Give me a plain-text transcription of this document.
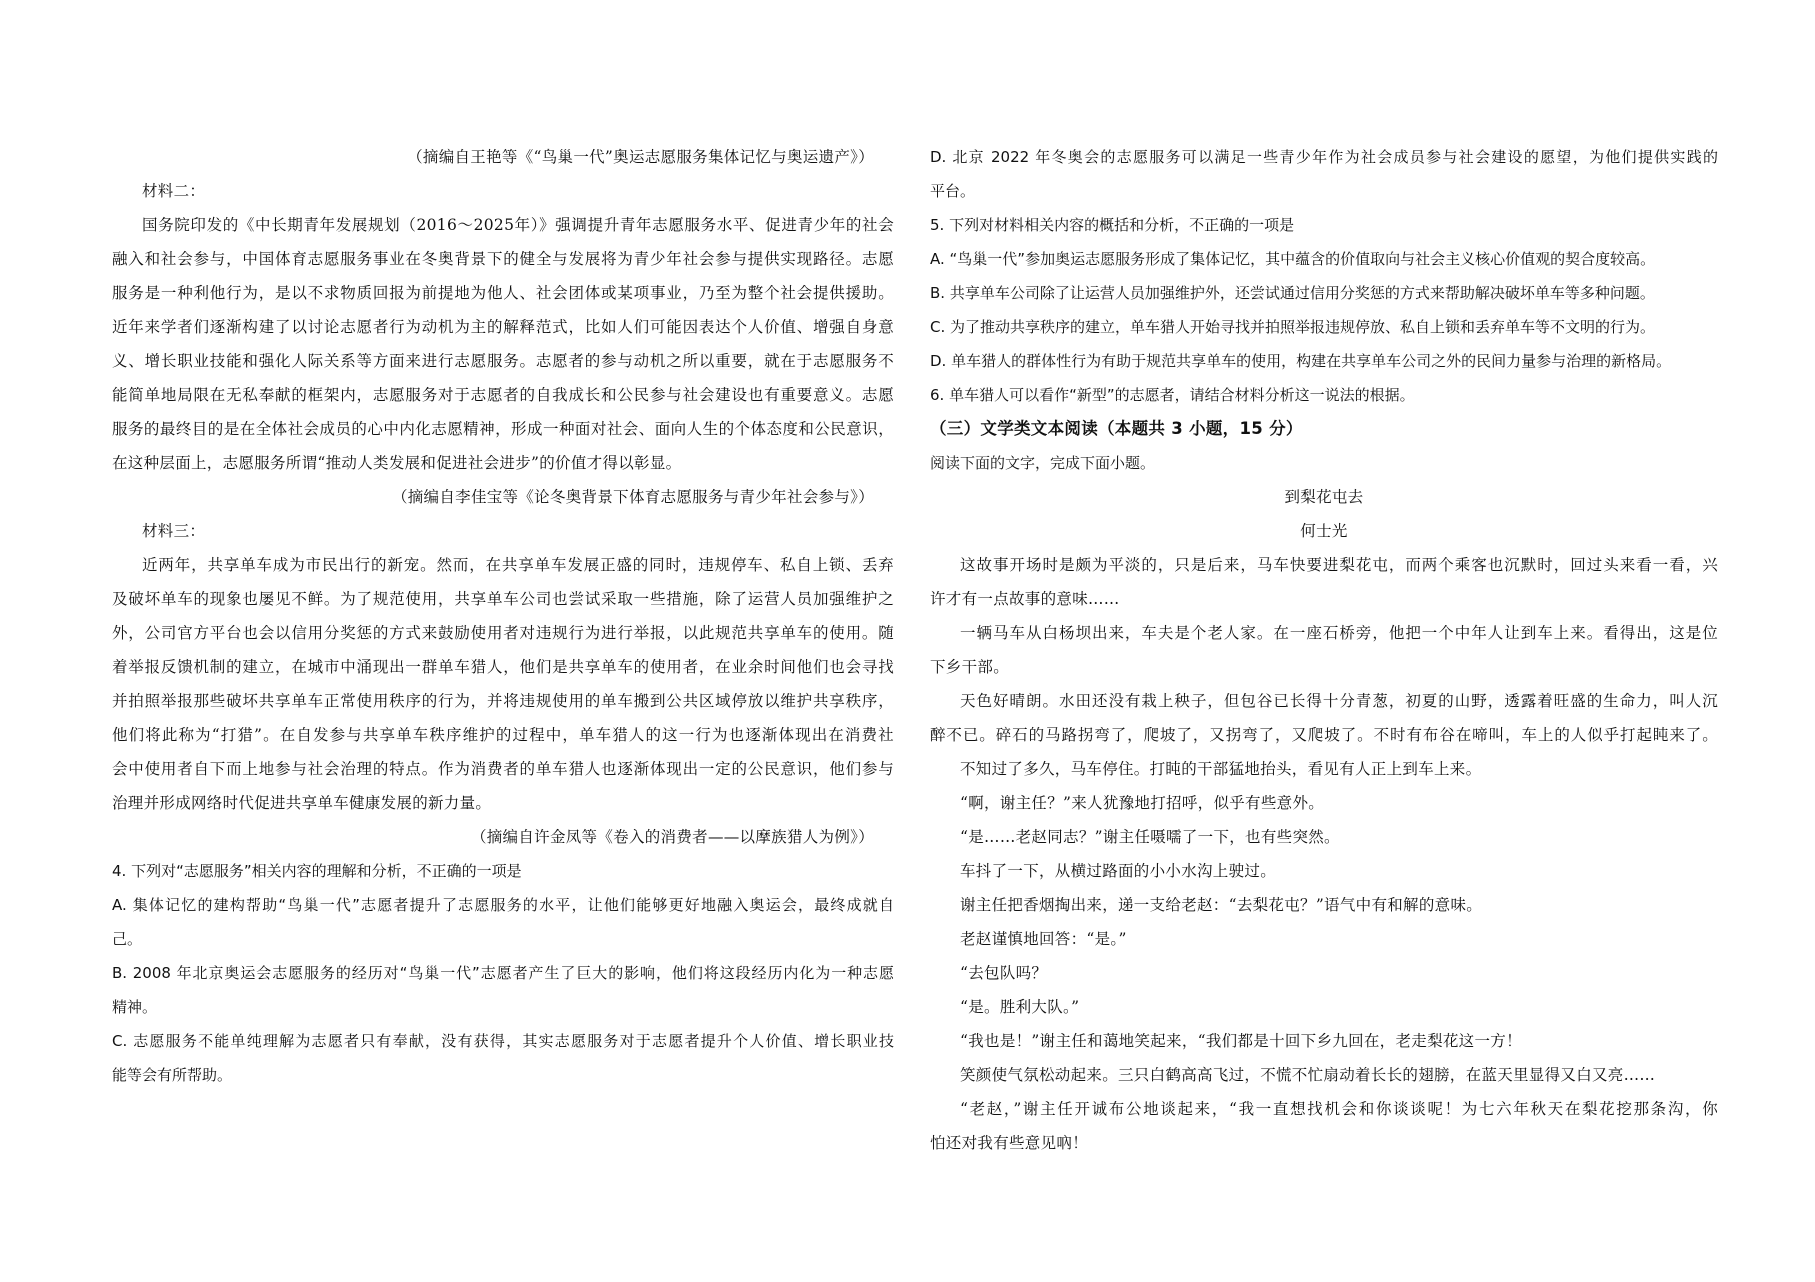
（摘编自王艳等《“鸟巢一代”奥运志愿服务集体记忆与奥运遗产》）
材料二：
国务院印发的《中长期青年发展规划（2016～2025年）》强调提升青年志愿服务水平、促进青少年的社会
融入和社会参与，中国体育志愿服务事业在冬奥背景下的健全与发展将为青少年社会参与提供实现路径。志愿
服务是一种利他行为，是以不求物质回报为前提地为他人、社会团体或某项事业，乃至为整个社会提供援助。
近年来学者们逐渐构建了以讨论志愿者行为动机为主的解释范式，比如人们可能因表达个人价值、增强自身意
义、增长职业技能和强化人际关系等方面来进行志愿服务。志愿者的参与动机之所以重要，就在于志愿服务不
能简单地局限在无私奉献的框架内，志愿服务对于志愿者的自我成长和公民参与社会建设也有重要意义。志愿
服务的最终目的是在全体社会成员的心中内化志愿精神，形成一种面对社会、面向人生的个体态度和公民意识，
在这种层面上，志愿服务所谓“推动人类发展和促进社会进步”的价值才得以彰显。
（摘编自李佳宝等《论冬奥背景下体育志愿服务与青少年社会参与》）
材料三：
近两年，共享单车成为市民出行的新宠。然而，在共享单车发展正盛的同时，违规停车、私自上锁、丢弃
及破坏单车的现象也屡见不鲜。为了规范使用，共享单车公司也尝试采取一些措施，除了运营人员加强维护之
外，公司官方平台也会以信用分奖惩的方式来鼓励使用者对违规行为进行举报，以此规范共享单车的使用。随
着举报反馈机制的建立，在城市中涌现出一群单车猎人，他们是共享单车的使用者，在业余时间他们也会寻找
并拍照举报那些破坏共享单车正常使用秩序的行为，并将违规使用的单车搬到公共区域停放以维护共享秩序，
他们将此称为“打猎”。在自发参与共享单车秩序维护的过程中，单车猎人的这一行为也逐渐体现出在消费社
会中使用者自下而上地参与社会治理的特点。作为消费者的单车猎人也逐渐体现出一定的公民意识，他们参与
治理并形成网络时代促进共享单车健康发展的新力量。
（摘编自许金凤等《卷入的消费者——以摩族猎人为例》）
4. 下列对“志愿服务”相关内容的理解和分析，不正确的一项是
A. 集体记忆的建构帮助“鸟巢一代”志愿者提升了志愿服务的水平，让他们能够更好地融入奥运会，最终成就自
己。
B. 2008 年北京奥运会志愿服务的经历对“鸟巢一代”志愿者产生了巨大的影响，他们将这段经历内化为一种志愿
精神。
C. 志愿服务不能单纯理解为志愿者只有奉献，没有获得，其实志愿服务对于志愿者提升个人价值、增长职业技
能等会有所帮助。
D. 北京 2022 年冬奥会的志愿服务可以满足一些青少年作为社会成员参与社会建设的愿望，为他们提供实践的
平台。
5. 下列对材料相关内容的概括和分析，不正确的一项是
A. “鸟巢一代”参加奥运志愿服务形成了集体记忆，其中蕴含的价值取向与社会主义核心价值观的契合度较高。
B. 共享单车公司除了让运营人员加强维护外，还尝试通过信用分奖惩的方式来帮助解决破坏单车等多种问题。
C. 为了推动共享秩序的建立，单车猎人开始寻找并拍照举报违规停放、私自上锁和丢弃单车等不文明的行为。
D. 单车猎人的群体性行为有助于规范共享单车的使用，构建在共享单车公司之外的民间力量参与治理的新格局。
6. 单车猎人可以看作“新型”的志愿者，请结合材料分析这一说法的根据。
（三）文学类文本阅读（本题共 3 小题，15 分）
阅读下面的文字，完成下面小题。
到梨花屯去
何士光
这故事开场时是颇为平淡的，只是后来，马车快要进梨花屯，而两个乘客也沉默时，回过头来看一看，兴
许才有一点故事的意味……
一辆马车从白杨坝出来，车夫是个老人家。在一座石桥旁，他把一个中年人让到车上来。看得出，这是位
下乡干部。
天色好晴朗。水田还没有栽上秧子，但包谷已长得十分青葱，初夏的山野，透露着旺盛的生命力，叫人沉
醉不已。碎石的马路拐弯了，爬坡了，又拐弯了，又爬坡了。不时有布谷在啼叫，车上的人似乎打起盹来了。
不知过了多久，马车停住。打盹的干部猛地抬头，看见有人正上到车上来。
“啊，谢主任？”来人犹豫地打招呼，似乎有些意外。
“是……老赵同志？”谢主任嗫嚅了一下，也有些突然。
车抖了一下，从横过路面的小小水沟上驶过。
谢主任把香烟掏出来，递一支给老赵：“去梨花屯？”语气中有和解的意味。
老赵谨慎地回答：“是。”
“去包队吗？
“是。胜利大队。”
“我也是！”谢主任和蔼地笑起来，“我们都是十回下乡九回在，老走梨花这一方！
笑颜使气氛松动起来。三只白鹤高高飞过，不慌不忙扇动着长长的翅膀，在蓝天里显得又白又亮……
“老赵，”谢主任开诚布公地谈起来，“我一直想找机会和你谈谈呢！为七六年秋天在梨花挖那条沟，你
怕还对我有些意见吶！
